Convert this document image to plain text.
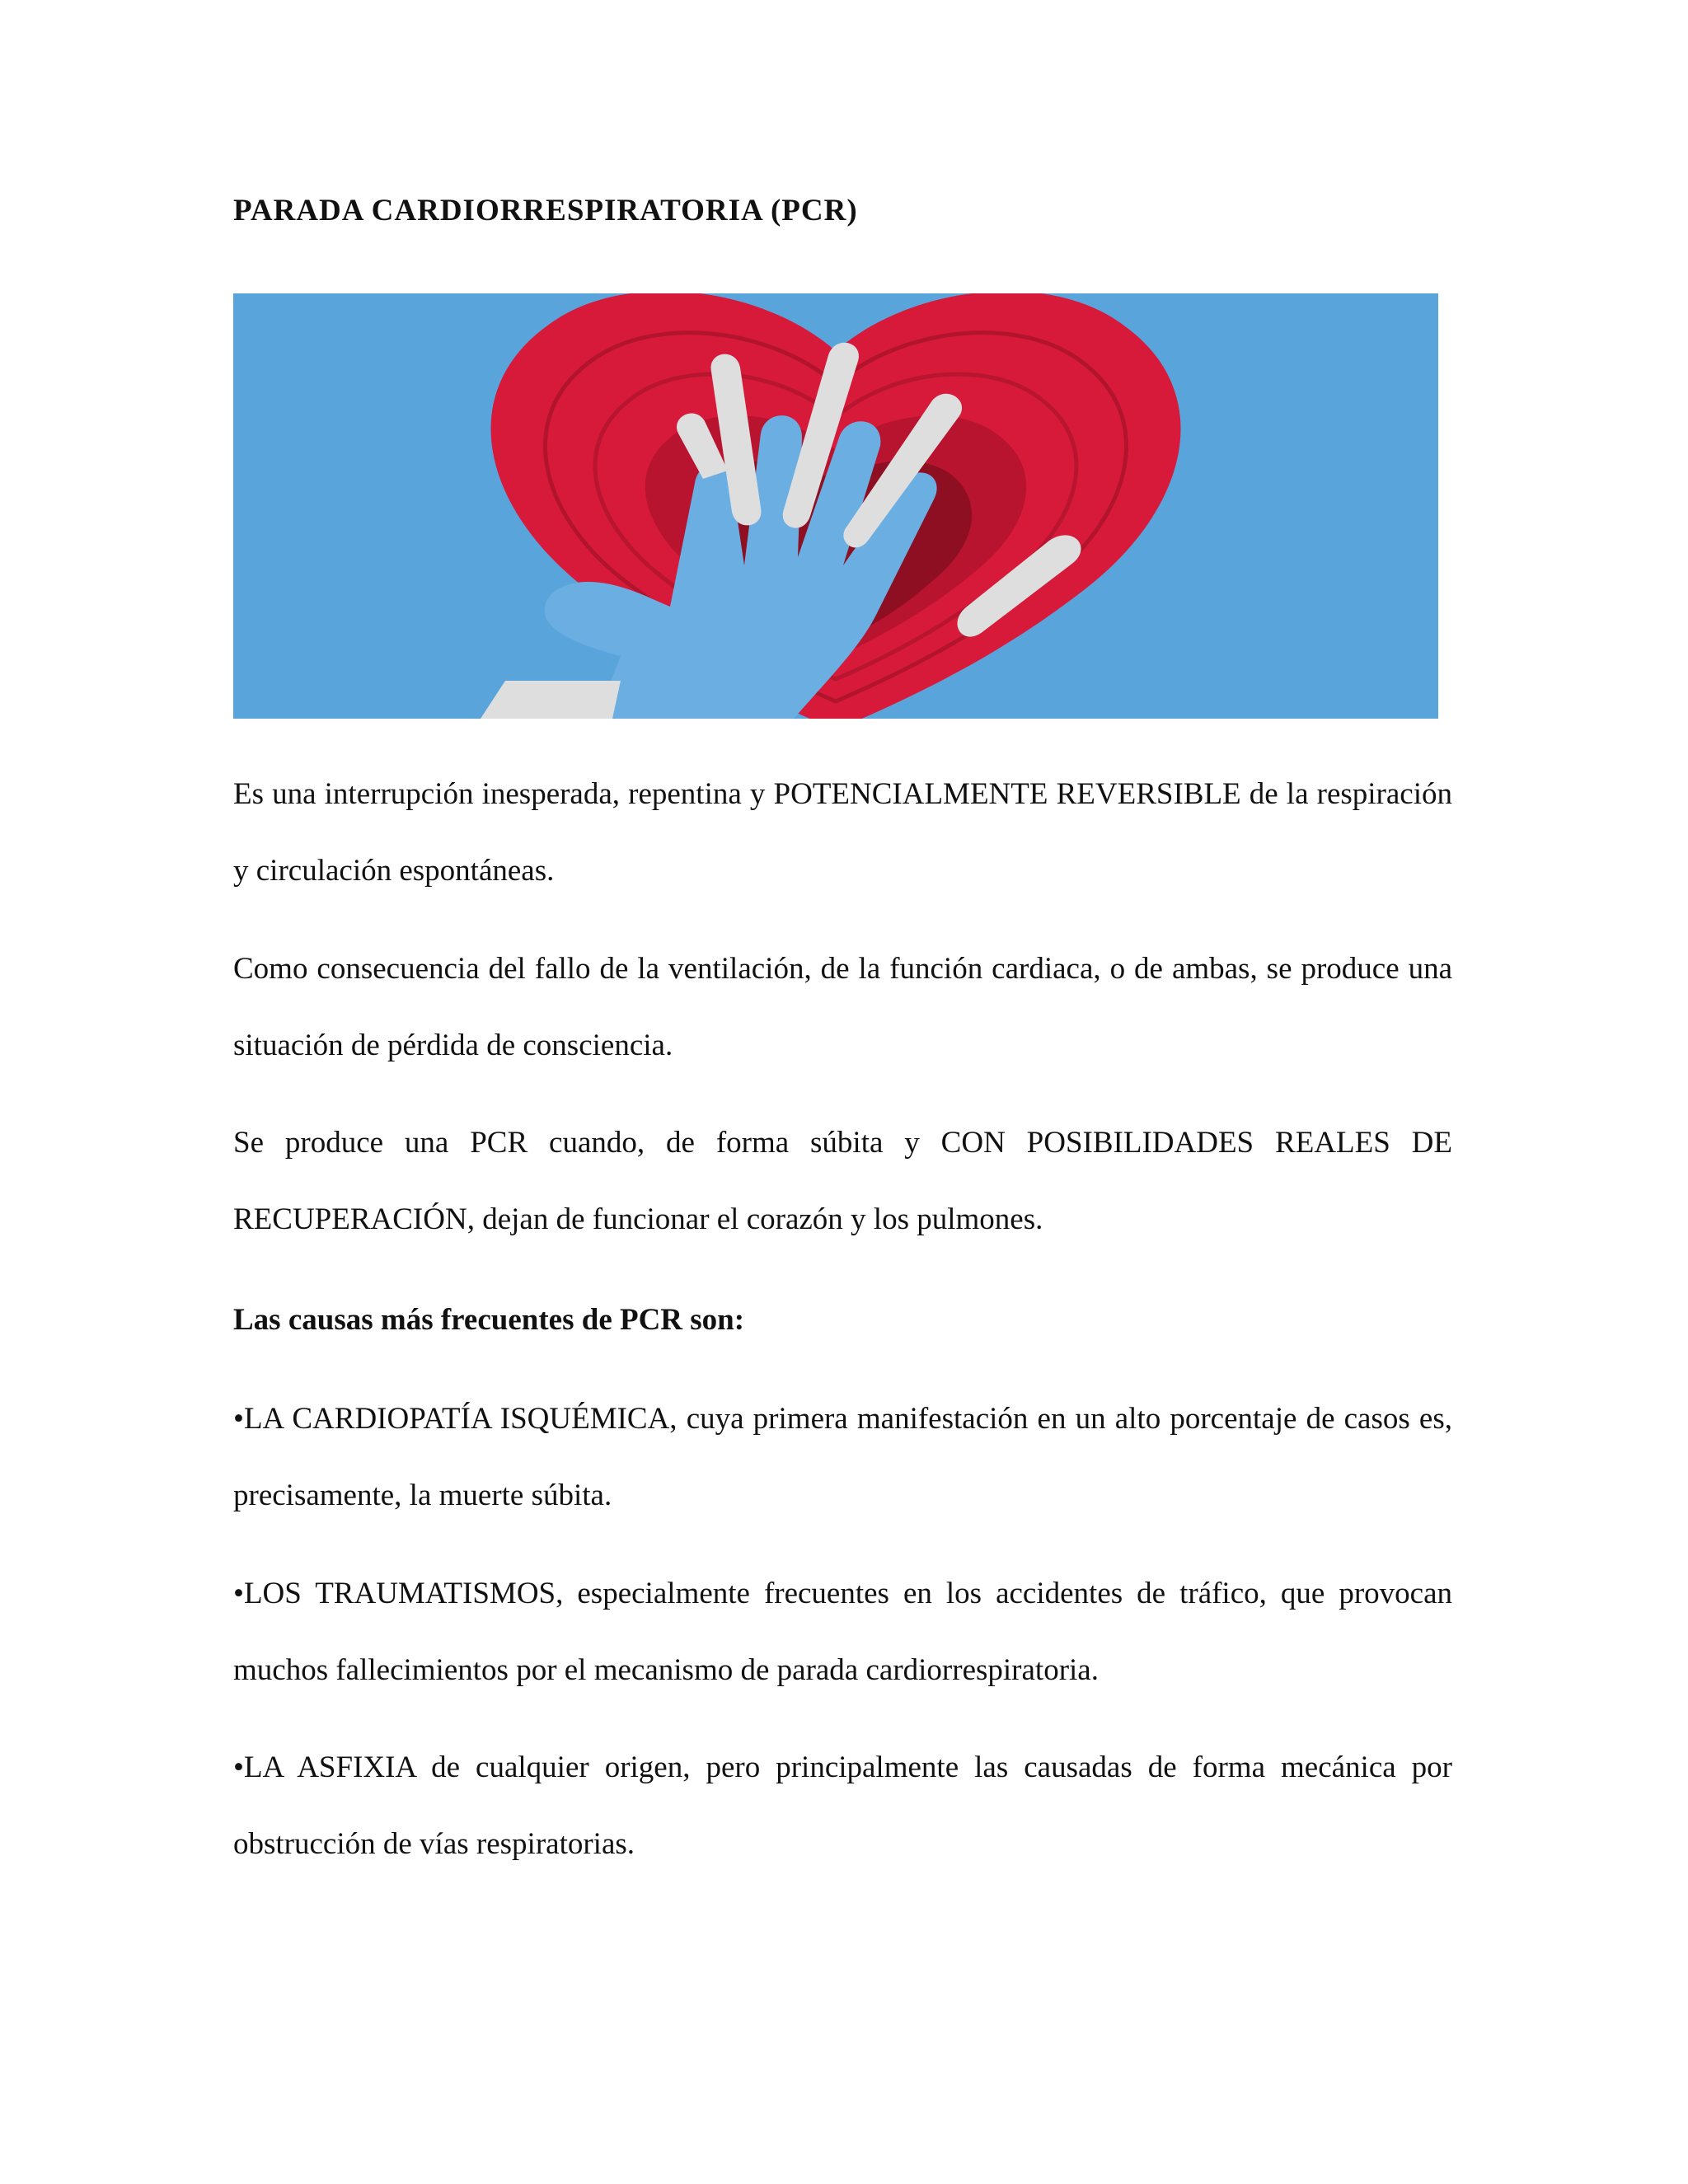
PARADA CARDIORRESPIRATORIA (PCR)

Es una interrupción inesperada, repentina y POTENCIALMENTE REVERSIBLE de la respiración y circulación espontáneas.

Como consecuencia del fallo de la ventilación, de la función cardiaca, o de ambas, se produce una situación de pérdida de consciencia.

Se produce una PCR cuando, de forma súbita y CON POSIBILIDADES REALES DE RECUPERACIÓN, dejan de funcionar el corazón y los pulmones.

Las causas más frecuentes de PCR son:

•LA CARDIOPATÍA ISQUÉMICA, cuya primera manifestación en un alto porcentaje de casos es, precisamente, la muerte súbita.

•LOS TRAUMATISMOS, especialmente frecuentes en los accidentes de tráfico, que provocan muchos fallecimientos por el mecanismo de parada cardiorrespiratoria.

•LA ASFIXIA de cualquier origen, pero principalmente las causadas de forma mecánica por obstrucción de vías respiratorias.
